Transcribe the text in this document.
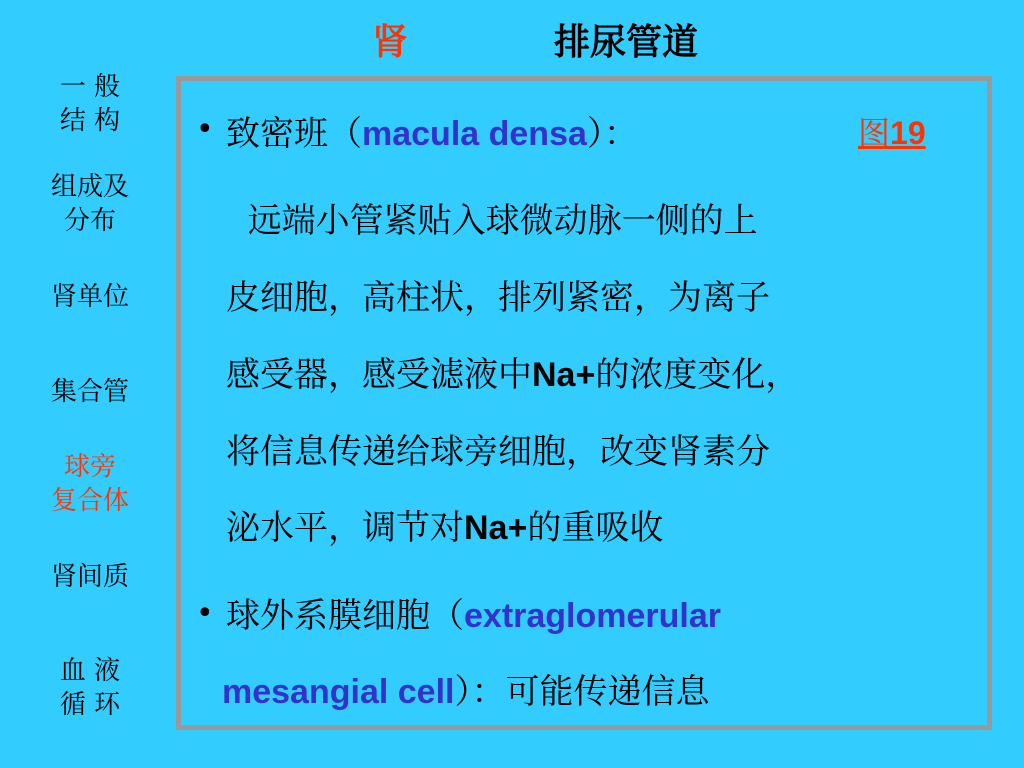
肾	排尿管道
一 般
结 构
组成及
分布
肾单位
集合管
球旁
复合体
肾间质
血 液
循 环
• 致密班（macula densa）：	图19
远端小管紧贴入球微动脉一侧的上
皮细胞，高柱状，排列紧密，为离子
感受器，感受滤液中Na+的浓度变化，
将信息传递给球旁细胞，改变肾素分
泌水平，调节对Na+的重吸收
• 球外系膜细胞（extraglomerular
mesangial cell）：可能传递信息
